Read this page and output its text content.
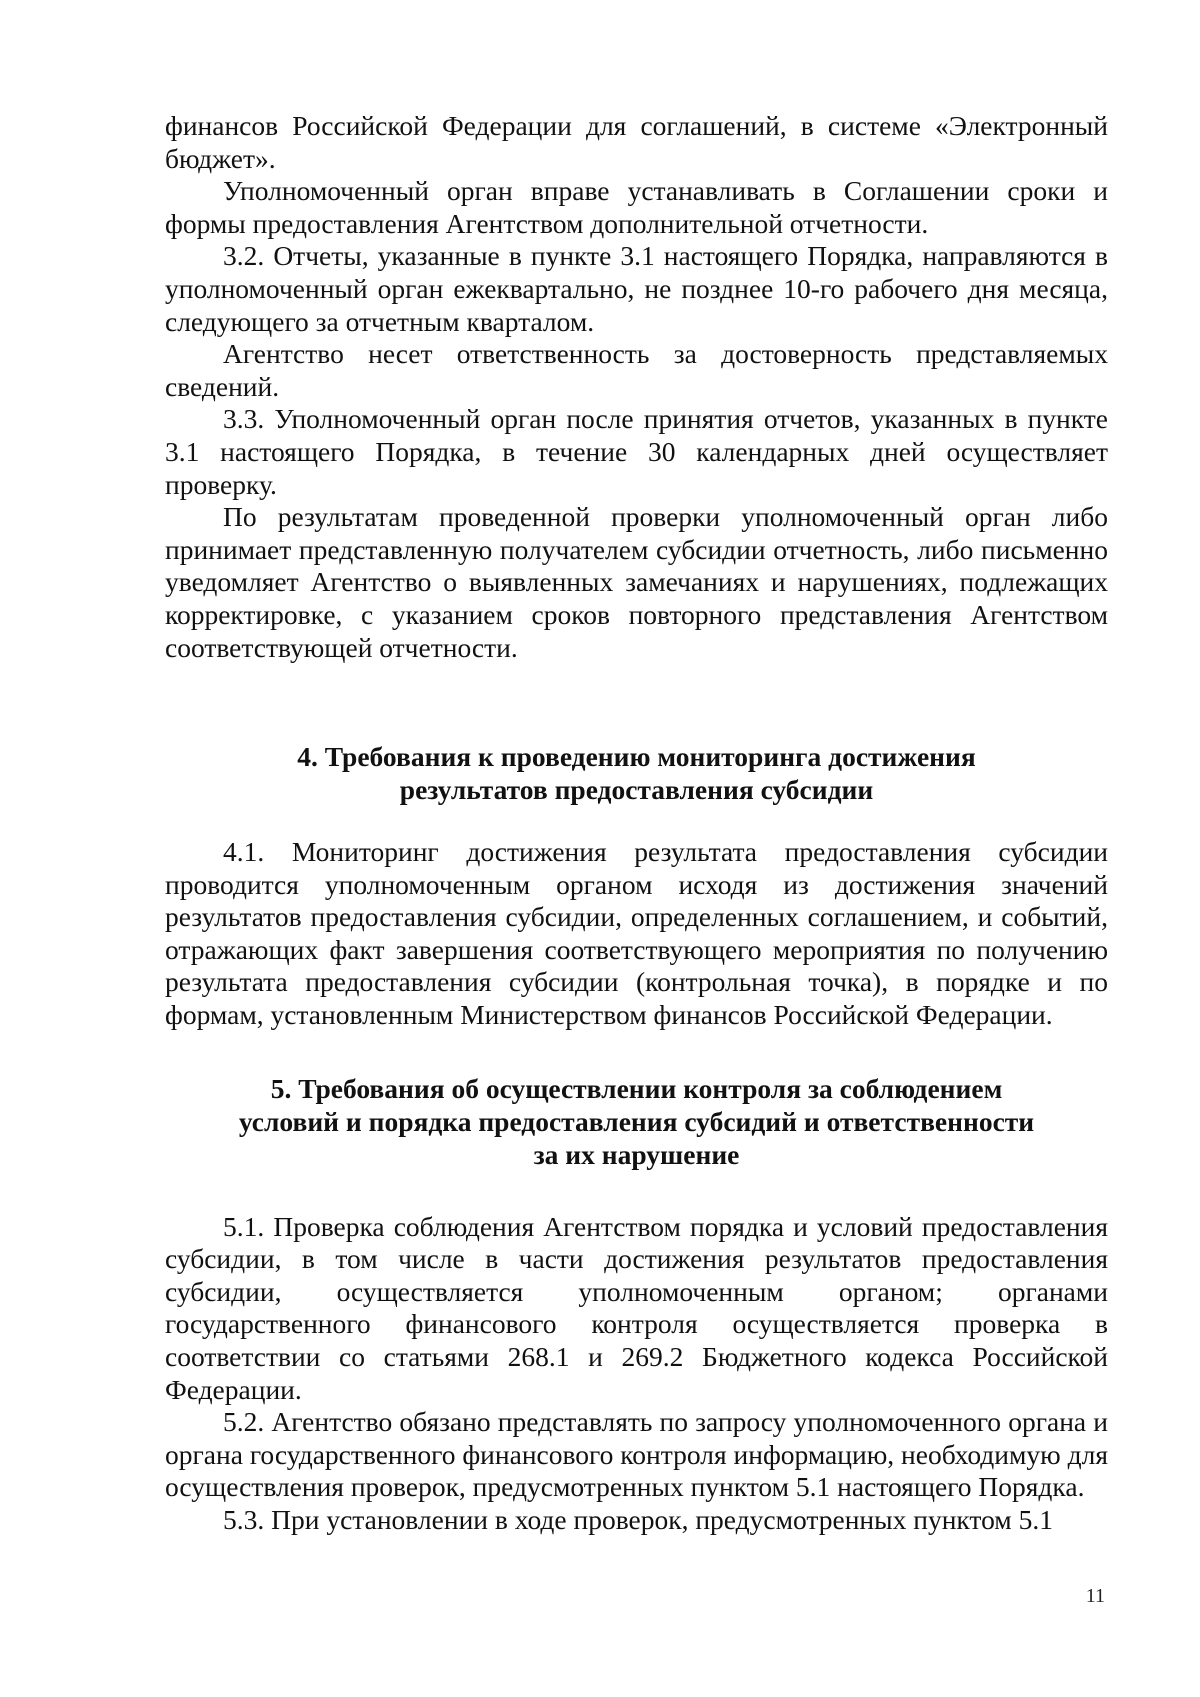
финансов Российской Федерации для соглашений, в системе «Электронный бюджет».

Уполномоченный орган вправе устанавливать в Соглашении сроки и формы предоставления Агентством дополнительной отчетности.

3.2. Отчеты, указанные в пункте 3.1 настоящего Порядка, направляются в уполномоченный орган ежеквартально, не позднее 10-го рабочего дня месяца, следующего за отчетным кварталом.

Агентство несет ответственность за достоверность представляемых сведений.

3.3. Уполномоченный орган после принятия отчетов, указанных в пункте 3.1 настоящего Порядка, в течение 30 календарных дней осуществляет проверку.

По результатам проведенной проверки уполномоченный орган либо принимает представленную получателем субсидии отчетность, либо письменно уведомляет Агентство о выявленных замечаниях и нарушениях, подлежащих корректировке, с указанием сроков повторного представления Агентством соответствующей отчетности.

4. Требования к проведению мониторинга достижения
результатов предоставления субсидии

4.1. Мониторинг достижения результата предоставления субсидии проводится уполномоченным органом исходя из достижения значений результатов предоставления субсидии, определенных соглашением, и событий, отражающих факт завершения соответствующего мероприятия по получению результата предоставления субсидии (контрольная точка), в порядке и по формам, установленным Министерством финансов Российской Федерации.

5. Требования об осуществлении контроля за соблюдением
условий и порядка предоставления субсидий и ответственности
за их нарушение

5.1. Проверка соблюдения Агентством порядка и условий предоставления субсидии, в том числе в части достижения результатов предоставления субсидии, осуществляется уполномоченным органом; органами государственного финансового контроля осуществляется проверка в соответствии со статьями 268.1 и 269.2 Бюджетного кодекса Российской Федерации.

5.2. Агентство обязано представлять по запросу уполномоченного органа и органа государственного финансового контроля информацию, необходимую для осуществления проверок, предусмотренных пунктом 5.1 настоящего Порядка.

5.3. При установлении в ходе проверок, предусмотренных пунктом 5.1

11
